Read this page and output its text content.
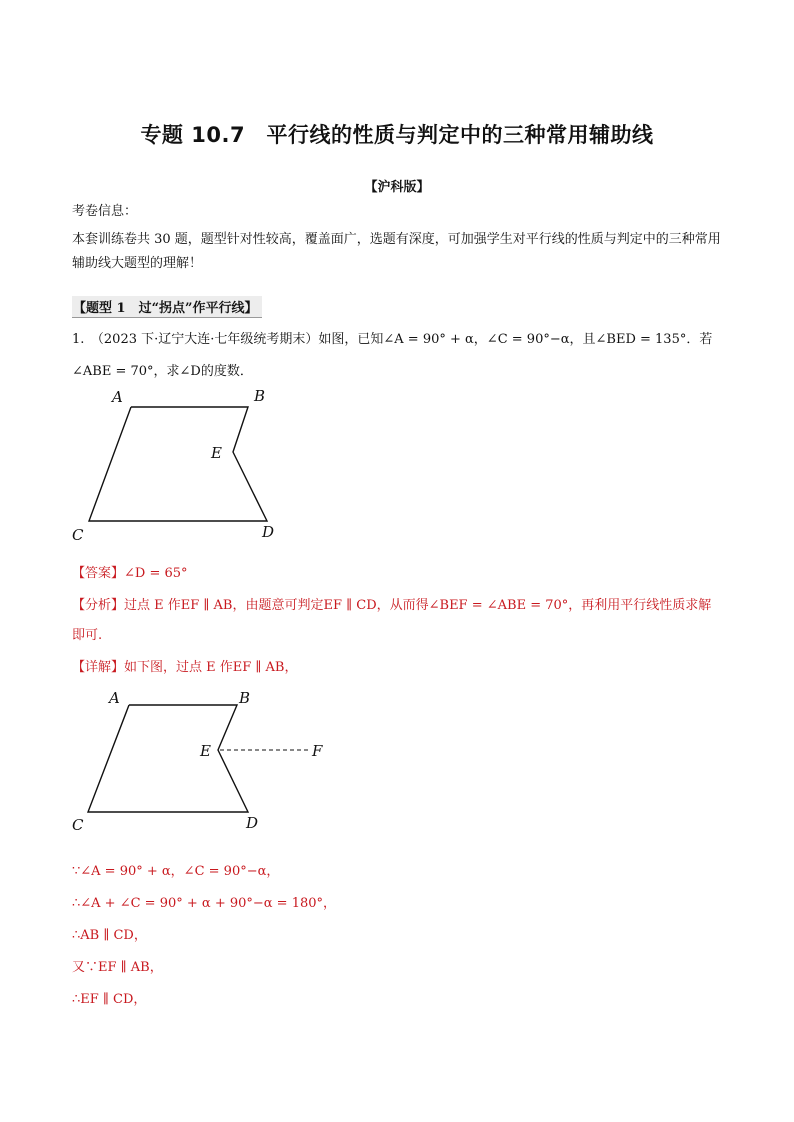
专题 10.7　平行线的性质与判定中的三种常用辅助线
【沪科版】
考卷信息：
本套训练卷共 30 题，题型针对性较高，覆盖面广，选题有深度，可加强学生对平行线的性质与判定中的三种常用辅助线大题型的理解！
【题型 1　过“拐点”作平行线】
1.　（2023 下·辽宁大连·七年级统考期末）如图，已知∠A = 90° + α，∠C = 90°−α，且∠BED = 135°．若
∠ABE = 70°，求∠D的度数．
A	B
E
C	D
【答案】∠D = 65°
【分析】过点 E 作EF ∥ AB，由题意可判定EF ∥ CD，从而得∠BEF = ∠ABE = 70°，再利用平行线性质求解
即可.
【详解】如下图，过点 E 作EF ∥ AB，
A	B
E	F
C	D
∵∠A = 90° + α，∠C = 90°−α，
∴∠A + ∠C = 90° + α + 90°−α = 180°，
∴AB ∥ CD，
又∵EF ∥ AB，
∴EF ∥ CD，
